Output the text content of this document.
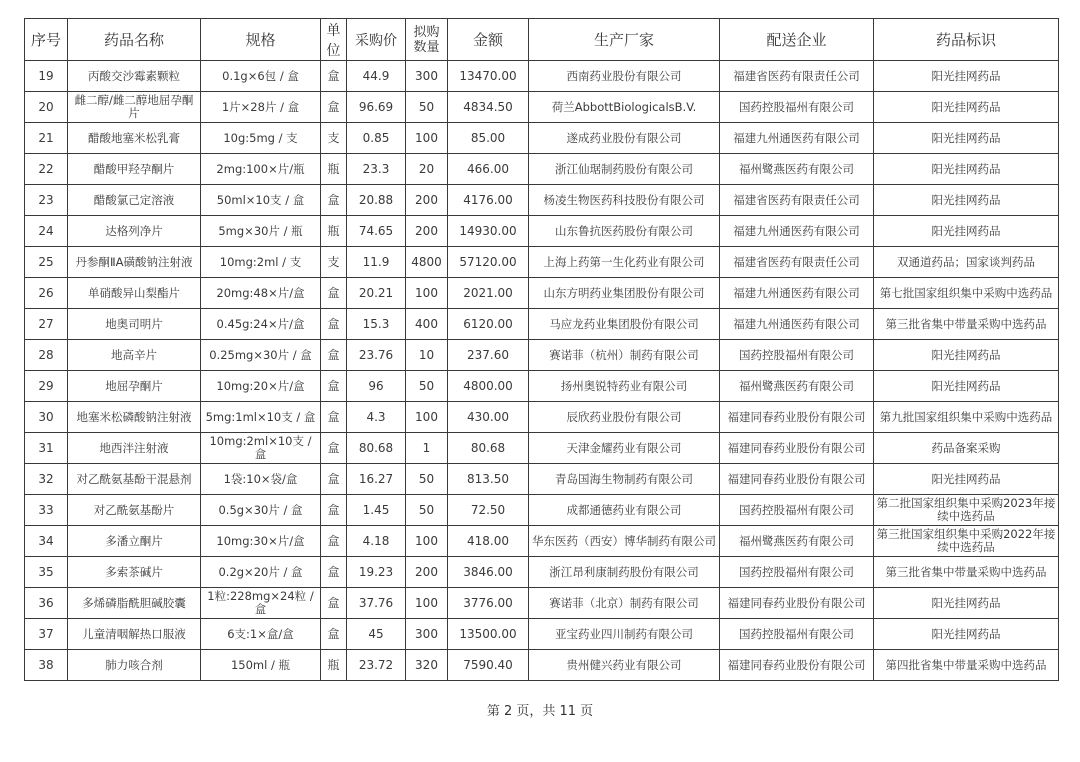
序号	药品名称	规格	单位	采购价	拟购数量	金额	生产厂家	配送企业	药品标识
19	丙酸交沙霉素颗粒	0.1g×6包 / 盒	盒	44.9	300	13470.00	西南药业股份有限公司	福建省医药有限责任公司	阳光挂网药品
20	雌二醇/雌二醇地屈孕酮片	1片×28片 / 盒	盒	96.69	50	4834.50	荷兰AbbottBiologicalsB.V.	国药控股福州有限公司	阳光挂网药品
21	醋酸地塞米松乳膏	10g:5mg / 支	支	0.85	100	85.00	遂成药业股份有限公司	福建九州通医药有限公司	阳光挂网药品
22	醋酸甲羟孕酮片	2mg:100×片/瓶	瓶	23.3	20	466.00	浙江仙琚制药股份有限公司	福州鹭燕医药有限公司	阳光挂网药品
23	醋酸氯己定溶液	50ml×10支 / 盒	盒	20.88	200	4176.00	杨凌生物医药科技股份有限公司	福建省医药有限责任公司	阳光挂网药品
24	达格列净片	5mg×30片 / 瓶	瓶	74.65	200	14930.00	山东鲁抗医药股份有限公司	福建九州通医药有限公司	阳光挂网药品
25	丹参酮ⅡA磺酸钠注射液	10mg:2ml / 支	支	11.9	4800	57120.00	上海上药第一生化药业有限公司	福建省医药有限责任公司	双通道药品；国家谈判药品
26	单硝酸异山梨酯片	20mg:48×片/盒	盒	20.21	100	2021.00	山东方明药业集团股份有限公司	福建九州通医药有限公司	第七批国家组织集中采购中选药品
27	地奥司明片	0.45g:24×片/盒	盒	15.3	400	6120.00	马应龙药业集团股份有限公司	福建九州通医药有限公司	第三批省集中带量采购中选药品
28	地高辛片	0.25mg×30片 / 盒	盒	23.76	10	237.60	赛诺菲（杭州）制药有限公司	国药控股福州有限公司	阳光挂网药品
29	地屈孕酮片	10mg:20×片/盒	盒	96	50	4800.00	扬州奥锐特药业有限公司	福州鹭燕医药有限公司	阳光挂网药品
30	地塞米松磷酸钠注射液	5mg:1ml×10支 / 盒	盒	4.3	100	430.00	辰欣药业股份有限公司	福建同春药业股份有限公司	第九批国家组织集中采购中选药品
31	地西泮注射液	10mg:2ml×10支 / 盒	盒	80.68	1	80.68	天津金耀药业有限公司	福建同春药业股份有限公司	药品备案采购
32	对乙酰氨基酚干混悬剂	1袋:10×袋/盒	盒	16.27	50	813.50	青岛国海生物制药有限公司	福建同春药业股份有限公司	阳光挂网药品
33	对乙酰氨基酚片	0.5g×30片 / 盒	盒	1.45	50	72.50	成都通德药业有限公司	国药控股福州有限公司	第二批国家组织集中采购2023年接续中选药品
34	多潘立酮片	10mg:30×片/盒	盒	4.18	100	418.00	华东医药（西安）博华制药有限公司	福州鹭燕医药有限公司	第三批国家组织集中采购2022年接续中选药品
35	多索茶碱片	0.2g×20片 / 盒	盒	19.23	200	3846.00	浙江昂利康制药股份有限公司	国药控股福州有限公司	第三批省集中带量采购中选药品
36	多烯磷脂酰胆碱胶囊	1粒:228mg×24粒 / 盒	盒	37.76	100	3776.00	赛诺菲（北京）制药有限公司	福建同春药业股份有限公司	阳光挂网药品
37	儿童清咽解热口服液	6支:1×盒/盒	盒	45	300	13500.00	亚宝药业四川制药有限公司	国药控股福州有限公司	阳光挂网药品
38	肺力咳合剂	150ml / 瓶	瓶	23.72	320	7590.40	贵州健兴药业有限公司	福建同春药业股份有限公司	第四批省集中带量采购中选药品
第 2 页，共 11 页
